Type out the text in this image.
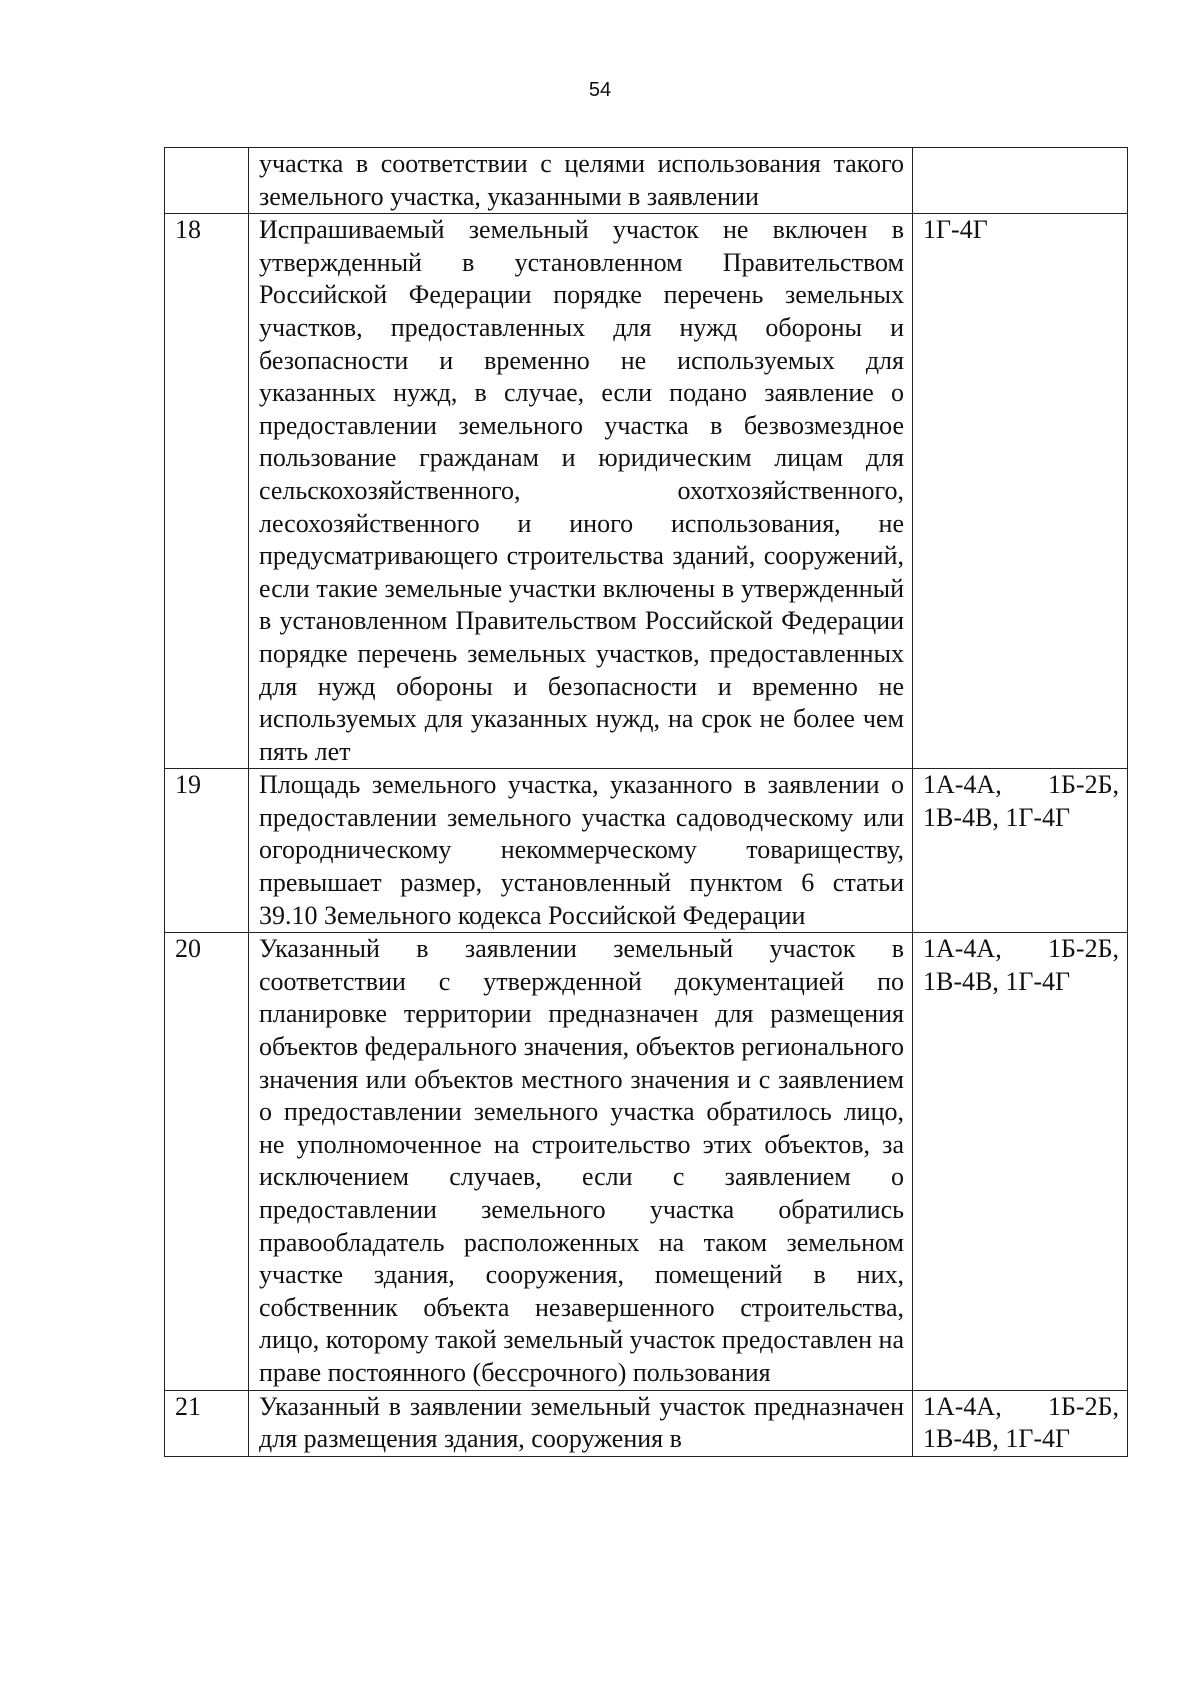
54
	участка в соответствии с целями использования такого земельного участка, указанными в заявлении	
18	Испрашиваемый земельный участок не включен в утвержденный в установленном Правительством Российской Федерации порядке перечень земельных участков, предоставленных для нужд обороны и безопасности и временно не используемых для указанных нужд, в случае, если подано заявление о предоставлении земельного участка в безвозмездное пользование гражданам и юридическим лицам для сельскохозяйственного, охотхозяйственного, лесохозяйственного и иного использования, не предусматривающего строительства зданий, сооружений, если такие земельные участки включены в утвержденный в установленном Правительством Российской Федерации порядке перечень земельных участков, предоставленных для нужд обороны и безопасности и временно не используемых для указанных нужд, на срок не более чем пять лет	1Г-4Г
19	Площадь земельного участка, указанного в заявлении о предоставлении земельного участка садоводческому или огородническому некоммерческому товариществу, превышает размер, установленный пунктом 6 статьи 39.10 Земельного кодекса Российской Федерации	1А-4А, 1Б-2Б, 1В-4В, 1Г-4Г
20	Указанный в заявлении земельный участок в соответствии с утвержденной документацией по планировке территории предназначен для размещения объектов федерального значения, объектов регионального значения или объектов местного значения и с заявлением о предоставлении земельного участка обратилось лицо, не уполномоченное на строительство этих объектов, за исключением случаев, если с заявлением о предоставлении земельного участка обратились правообладатель расположенных на таком земельном участке здания, сооружения, помещений в них, собственник объекта незавершенного строительства, лицо, которому такой земельный участок предоставлен на праве постоянного (бессрочного) пользования	1А-4А, 1Б-2Б, 1В-4В, 1Г-4Г
21	Указанный в заявлении земельный участок предназначен для размещения здания, сооружения в	1А-4А, 1Б-2Б, 1В-4В, 1Г-4Г
